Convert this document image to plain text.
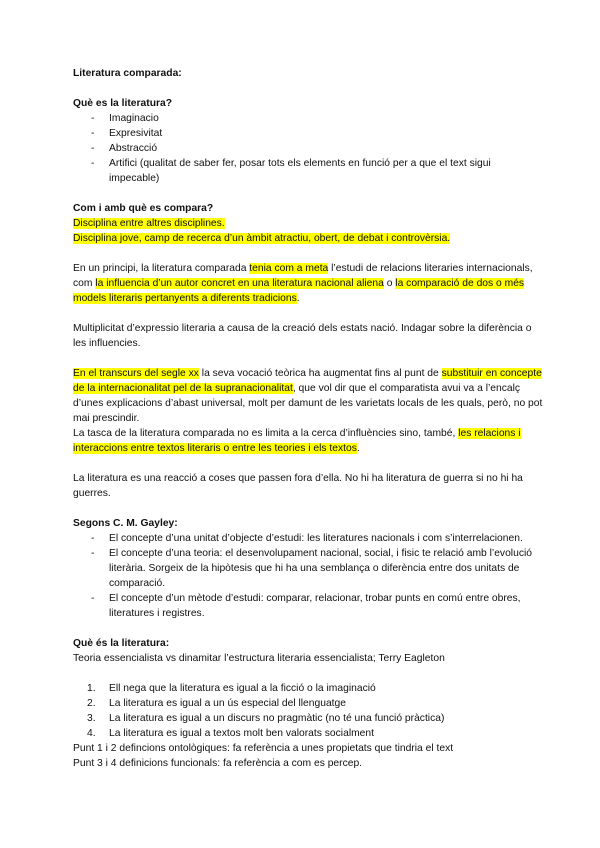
Literatura comparada:

Què es la literatura?

- Imaginacio
- Expresivitat
- Abstracció
- Artifici (qualitat de saber fer, posar tots els elements en funció per a que el text sigui impecable)

Com i amb què es compara?

Disciplina entre altres disciplines.

Disciplina jove, camp de recerca d’un àmbit atractiu, obert, de debat i controvèrsia.

En un principi, la literatura comparada tenia com a meta l’estudi de relacions literaries internacionals, com la influencia d’un autor concret en una literatura nacional aliena o la comparació de dos o més models literaris pertanyents a diferents tradicions.

Multiplicitat d’expressio literaria a causa de la creació dels estats nació. Indagar sobre la diferència o les influencies.

En el transcurs del segle xx la seva vocació teòrica ha augmentat fins al punt de substituir en concepte de la internacionalitat pel de la supranacionalitat, que vol dir que el comparatista avui va a l’encalç d’unes explicacions d’abast universal, molt per damunt de les varietats locals de les quals, però, no pot mai prescindir.

La tasca de la literatura comparada no es limita a la cerca d’influències sino, també, les relacions i interaccions entre textos literaris o entre les teories i els textos.

La literatura es una reacció a coses que passen fora d’ella. No hi ha literatura de guerra si no hi ha guerres.

Segons C. M. Gayley:

- El concepte d’una unitat d’objecte d’estudi: les literatures nacionals i com s’interrelacionen.
- El concepte d’una teoria: el desenvolupament nacional, social, i fisic te relació amb l’evolució literària. Sorgeix de la hipòtesis que hi ha una semblança o diferència entre dos unitats de comparació.
- El concepte d’un mètode d’estudi: comparar, relacionar, trobar punts en comú entre obres, literatures i registres.

Què és la literatura:

Teoria essencialista vs dinamitar l’estructura literaria essencialista; Terry Eagleton

1. Ell nega que la literatura es igual a la ficció o la imaginació
2. La literatura es igual a un ús especial del llenguatge
3. La literatura es igual a un discurs no pragmàtic (no té una funció pràctica)
4. La literatura es igual a textos molt ben valorats socialment

Punt 1 i 2 defincions ontològiques: fa referència a unes propietats que tindria el text

Punt 3 i 4 definicions funcionals: fa referència a com es percep.
